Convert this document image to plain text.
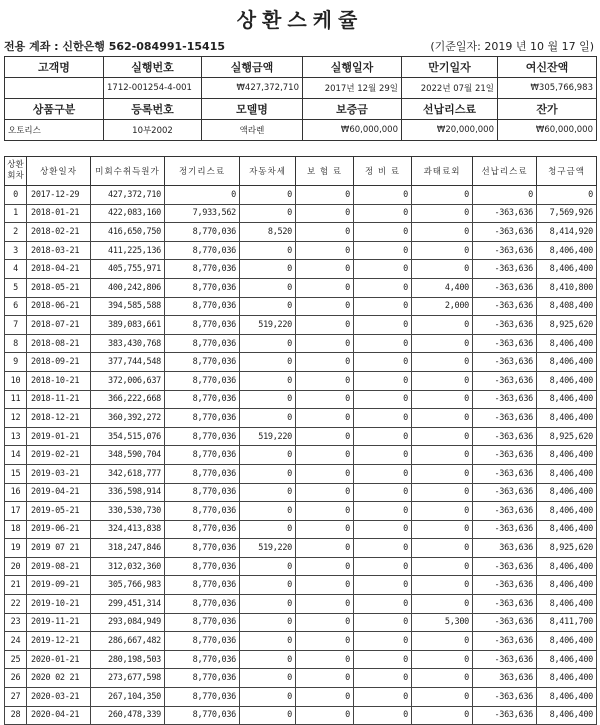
상환스케쥴
전용 계좌 : 신한은행 562-084991-15415	(기준일자: 2019 년 10 월 17 일)
고객명	실행번호	실행금액	실행일자	만기일자	여신잔액
	1712-001254-4-001	₩427,372,710	2017년 12월 29일	2022년 07월 21일	₩305,766,983
상품구분	등록번호	모델명	보증금	선납리스료	잔가
오토리스	10부2002	액라렌	₩60,000,000	₩20,000,000	₩60,000,000
상환
회차	상환일자	미회수취득원가	정기리스료	자동차세	보 험 료	정 비 료	과태료외	선납리스료	청구금액
0	2017-12-29	427,372,710	0	0	0	0	0	0	0
1	2018-01-21	422,083,160	7,933,562	0	0	0	0	-363,636	7,569,926
2	2018-02-21	416,650,750	8,770,036	8,520	0	0	0	-363,636	8,414,920
3	2018-03-21	411,225,136	8,770,036	0	0	0	0	-363,636	8,406,400
4	2018-04-21	405,755,971	8,770,036	0	0	0	0	-363,636	8,406,400
5	2018-05-21	400,242,806	8,770,036	0	0	0	4,400	-363,636	8,410,800
6	2018-06-21	394,585,588	8,770,036	0	0	0	2,000	-363,636	8,408,400
7	2018-07-21	389,083,661	8,770,036	519,220	0	0	0	-363,636	8,925,620
8	2018-08-21	383,430,768	8,770,036	0	0	0	0	-363,636	8,406,400
9	2018-09-21	377,744,548	8,770,036	0	0	0	0	-363,636	8,406,400
10	2018-10-21	372,006,637	8,770,036	0	0	0	0	-363,636	8,406,400
11	2018-11-21	366,222,668	8,770,036	0	0	0	0	-363,636	8,406,400
12	2018-12-21	360,392,272	8,770,036	0	0	0	0	-363,636	8,406,400
13	2019-01-21	354,515,076	8,770,036	519,220	0	0	0	-363,636	8,925,620
14	2019-02-21	348,590,704	8,770,036	0	0	0	0	-363,636	8,406,400
15	2019-03-21	342,618,777	8,770,036	0	0	0	0	-363,636	8,406,400
16	2019-04-21	336,598,914	8,770,036	0	0	0	0	-363,636	8,406,400
17	2019-05-21	330,530,730	8,770,036	0	0	0	0	-363,636	8,406,400
18	2019-06-21	324,413,838	8,770,036	0	0	0	0	-363,636	8,406,400
19	2019 07 21	318,247,846	8,770,036	519,220	0	0	0	363,636	8,925,620
20	2019-08-21	312,032,360	8,770,036	0	0	0	0	-363,636	8,406,400
21	2019-09-21	305,766,983	8,770,036	0	0	0	0	-363,636	8,406,400
22	2019-10-21	299,451,314	8,770,036	0	0	0	0	-363,636	8,406,400
23	2019-11-21	293,084,949	8,770,036	0	0	0	5,300	-363,636	8,411,700
24	2019-12-21	286,667,482	8,770,036	0	0	0	0	-363,636	8,406,400
25	2020-01-21	280,198,503	8,770,036	0	0	0	0	-363,636	8,406,400
26	2020 02 21	273,677,598	8,770,036	0	0	0	0	363,636	8,406,400
27	2020-03-21	267,104,350	8,770,036	0	0	0	0	-363,636	8,406,400
28	2020-04-21	260,478,339	8,770,036	0	0	0	0	-363,636	8,406,400
